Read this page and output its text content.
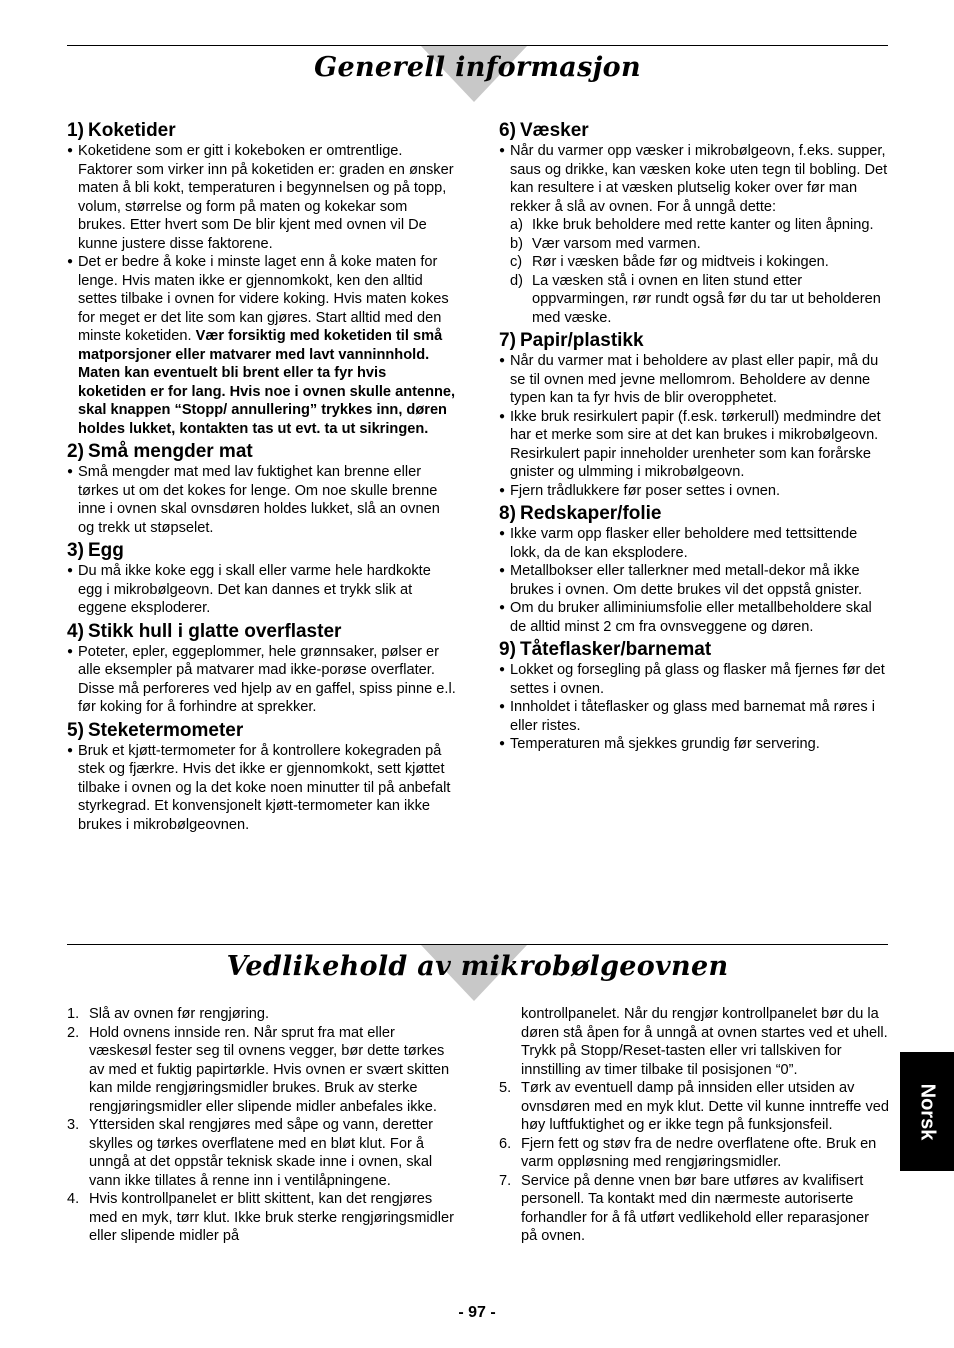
Generell informasjon
1) Koketider
● Koketidene som er gitt i kokeboken er omtrentlige. Faktorer som virker inn på koketiden er: graden en ønsker maten å bli kokt, temperaturen i begynnelsen og på topp, volum, størrelse og form på maten og kokekar som brukes. Etter hvert som De blir kjent med ovnen vil De kunne justere disse faktorene.
● Det er bedre å koke i minste laget enn å koke maten for lenge. Hvis maten ikke er gjennomkokt, ken den alltid settes tilbake i ovnen for videre koking. Hvis maten kokes for meget er det lite som kan gjøres. Start alltid med den minste koketiden. Vær forsiktig med koketiden til små matporsjoner eller matvarer med lavt vanninnhold. Maten kan eventuelt bli brent eller ta fyr hvis koketiden er for lang. Hvis noe i ovnen skulle antenne, skal knappen “Stopp/ annullering” trykkes inn, døren holdes lukket, kontakten tas ut evt. ta ut sikringen.
2) Små mengder mat
● Små mengder mat med lav fuktighet kan brenne eller tørkes ut om det kokes for lenge. Om noe skulle brenne inne i ovnen skal ovnsdøren holdes lukket, slå an ovnen og trekk ut støpselet.
3) Egg
● Du må ikke koke egg i skall eller varme hele hardkokte egg i mikrobølgeovn. Det kan dannes et trykk slik at eggene eksploderer.
4) Stikk hull i glatte overflaster
● Poteter, epler, eggeplommer, hele grønnsaker, pølser er alle eksempler på matvarer mad ikke-porøse overflater. Disse må perforeres ved hjelp av en gaffel, spiss pinne e.l. før koking for å forhindre at sprekker.
5) Steketermometer
● Bruk et kjøtt-termometer for å kontrollere kokegraden på stek og fjærkre. Hvis det ikke er gjennomkokt, sett kjøttet tilbake i ovnen og la det koke noen minutter til på anbefalt styrkegrad. Et konvensjonelt kjøtt-termometer kan ikke brukes i mikrobølgeovnen.
6) Væsker
● Når du varmer opp væsker i mikrobølgeovn, f.eks. supper, saus og drikke, kan væsken koke uten tegn til bobling. Det kan resultere i at væsken plutselig koker over før man rekker å slå av ovnen. For å unngå dette:
a) Ikke bruk beholdere med rette kanter og liten åpning.
b) Vær varsom med varmen.
c) Rør i væsken både før og midtveis i kokingen.
d) La væsken stå i ovnen en liten stund etter oppvarmingen, rør rundt også før du tar ut beholderen med væske.
7) Papir/plastikk
● Når du varmer mat i beholdere av plast eller papir, må du se til ovnen med jevne mellomrom. Beholdere av denne typen kan ta fyr hvis de blir overopphetet.
● Ikke bruk resirkulert papir (f.esk. tørkerull) medmindre det har et merke som sire at det kan brukes i mikrobølgeovn. Resirkulert papir inneholder urenheter som kan forårske gnister og ulmming i mikrobølgeovn.
● Fjern trådlukkere før poser settes i ovnen.
8) Redskaper/folie
● Ikke varm opp flasker eller beholdere med tettsittende lokk, da de kan eksplodere.
● Metallbokser eller tallerkner med metall-dekor må ikke brukes i ovnen. Om dette brukes vil det oppstå gnister.
● Om du bruker alliminiumsfolie eller metallbeholdere skal de alltid minst 2 cm fra ovnsveggene og døren.
9) Tåteflasker/barnemat
● Lokket og forsegling på glass og flasker må fjernes før det settes i ovnen.
● Innholdet i tåteflasker og glass med barnemat må røres i eller ristes.
● Temperaturen må sjekkes grundig før servering.
Vedlikehold av mikrobølgeovnen
1. Slå av ovnen før rengjøring.
2. Hold ovnens innside ren. Når sprut fra mat eller væskesøl fester seg til ovnens vegger, bør dette tørkes av med et fuktig papirtørkle. Hvis ovnen er svært skitten kan milde rengjøringsmidler brukes. Bruk av sterke rengjøringsmidler eller slipende midler anbefales ikke.
3. Yttersiden skal rengjøres med såpe og vann, deretter skylles og tørkes overflatene med en bløt klut. For å unngå at det oppstår teknisk skade inne i ovnen, skal vann ikke tillates å renne inn i ventilåpningene.
4. Hvis kontrollpanelet er blitt skittent, kan det rengjøres med en myk, tørr klut. Ikke bruk sterke rengjøringsmidler eller slipende midler på
kontrollpanelet. Når du rengjør kontrollpanelet bør du la døren stå åpen for å unngå at ovnen startes ved et uhell. Trykk på Stopp/Reset-tasten eller vri tallskiven for innstilling av timer tilbake til posisjonen “0”.
5. Tørk av eventuell damp på innsiden eller utsiden av ovnsdøren med en myk klut. Dette vil kunne inntreffe ved høy luftfuktighet og er ikke tegn på funksjonsfeil.
6. Fjern fett og støv fra de nedre overflatene ofte. Bruk en varm oppløsning med rengjøringsmidler.
7. Service på denne vnen bør bare utføres av kvalifisert personell. Ta kontakt med din nærmeste autoriserte forhandler for å få utført vedlikehold eller reparasjoner på ovnen.
Norsk
- 97 -
